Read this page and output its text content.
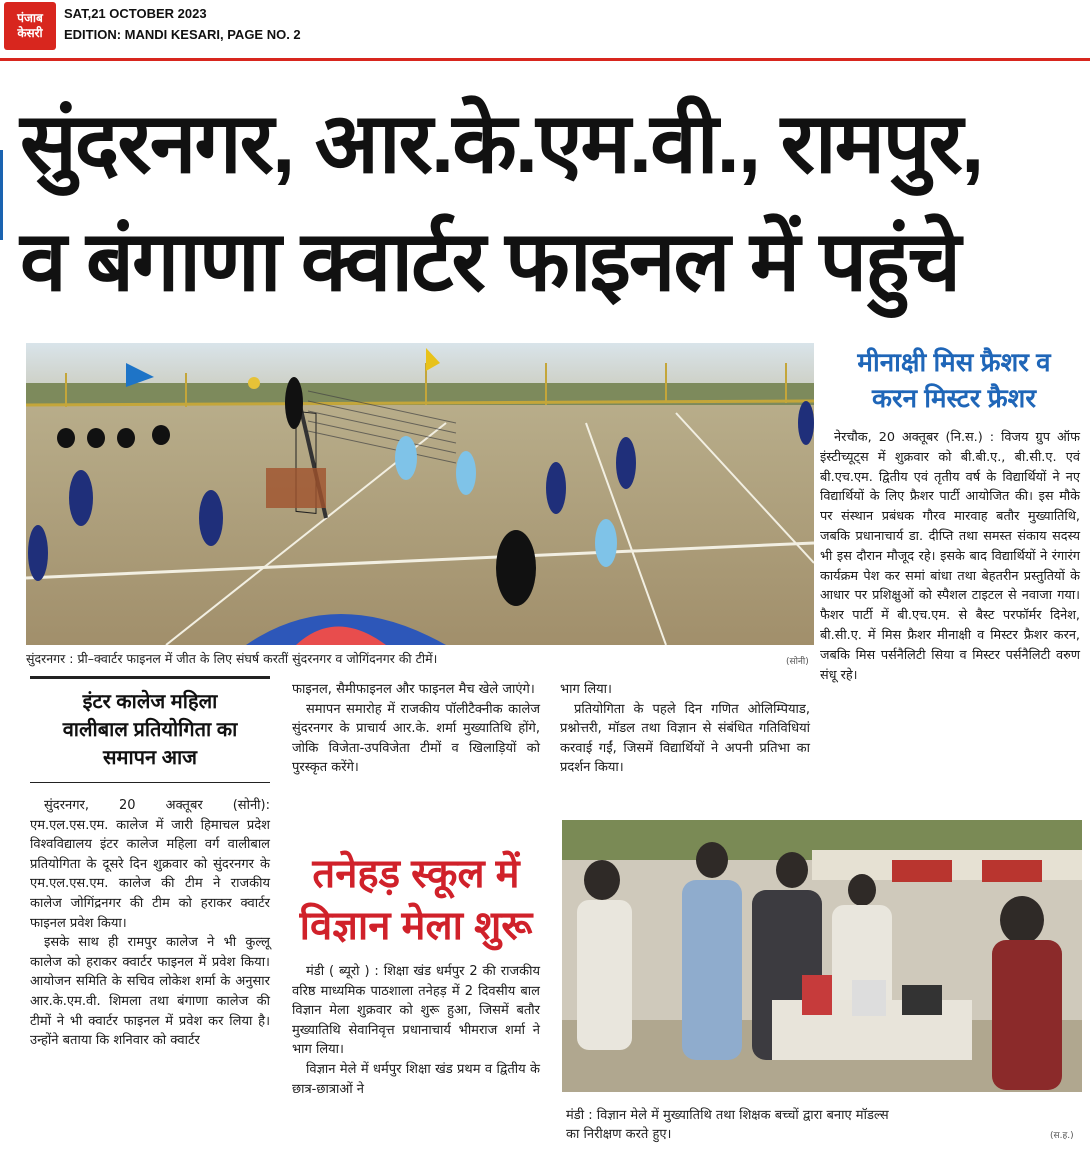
पंजाब
केसरी
SAT,21 OCTOBER 2023
EDITION: MANDI KESARI, PAGE NO. 2
सुंदरनगर, आर.के.एम.वी., रामपुर,
व बंगाणा क्वार्टर फाइनल में पहुंचे
सुंदरनगर : प्री–क्वार्टर फाइनल में जीत के लिए संघर्ष करतीं सुंदरनगर व जोगिंदनगर की टीमें।	(सोनी)
इंटर कालेज महिला
वालीबाल प्रतियोगिता का
समापन आज

सुंदरनगर, 20 अक्तूबर (सोनी): एम.एल.एस.एम. कालेज में जारी हिमाचल प्रदेश विश्वविद्यालय इंटर कालेज महिला वर्ग वालीबाल प्रतियोगिता के दूसरे दिन शुक्रवार को सुंदरनगर के एम.एल.एस.एम. कालेज की टीम ने राजकीय कालेज जोगिंद्रनगर की टीम को हराकर क्वार्टर फाइनल प्रवेश किया।

इसके साथ ही रामपुर कालेज ने भी कुल्लू कालेज को हराकर क्वार्टर फाइनल में प्रवेश किया।आयोजन समिति के सचिव लोकेश शर्मा के अनुसार आर.के.एम.वी. शिमला तथा बंगाणा कालेज की टीमों ने भी क्वार्टर फाइनल में प्रवेश कर लिया है। उन्होंने बताया कि शनिवार को क्वार्टर

फाइनल, सैमीफाइनल और फाइनल मैच खेले जाएंगे।

समापन समारोह में राजकीय पॉलीटैक्नीक कालेज सुंदरनगर के प्राचार्य आर.के. शर्मा मुख्यातिथि होंगे, जोकि विजेता-उपविजेता टीमों व खिलाड़ियों को पुरस्कृत करेंगे।

तनेहड़ स्कूल में
विज्ञान मेला शुरू

मंडी ( ब्यूरो ) : शिक्षा खंड धर्मपुर 2 की राजकीय वरिष्ठ माध्यमिक पाठशाला तनेहड़ में 2 दिवसीय बाल विज्ञान मेला शुक्रवार को शुरू हुआ, जिसमें बतौर मुख्यातिथि सेवानिवृत्त प्रधानाचार्य भीमराज शर्मा ने भाग लिया।

विज्ञान मेले में धर्मपुर शिक्षा खंड प्रथम व द्वितीय के छात्र-छात्राओं ने

भाग लिया।

प्रतियोगिता के पहले दिन गणित ओलिम्पियाड, प्रश्नोत्तरी, मॉडल तथा विज्ञान से संबंधित गतिविधियां करवाई गईं, जिसमें विद्यार्थियों ने अपनी प्रतिभा का प्रदर्शन किया।

मंडी : विज्ञान मेले में मुख्यातिथि तथा शिक्षक बच्चों द्वारा बनाए मॉडल्स
का निरीक्षण करते हुए।	(स.ह.)
मीनाक्षी मिस फ्रैशर व
करन मिस्टर फ्रैशर

नेरचौक, 20 अक्तूबर (नि.स.) : विजय ग्रुप ऑफ इंस्टीच्यूट्स में शुक्रवार को बी.बी.ए., बी.सी.ए. एवं बी.एच.एम. द्वितीय एवं तृतीय वर्ष के विद्यार्थियों ने नए विद्यार्थियों के लिए फ्रैशर पार्टी आयोजित की। इस मौके पर संस्थान प्रबंधक गौरव मारवाह बतौर मुख्यातिथि, जबकि प्रधानाचार्य डा. दीप्ति तथा समस्त संकाय सदस्य भी इस दौरान मौजूद रहे। इसके बाद विद्यार्थियों ने रंगारंग कार्यक्रम पेश कर समां बांधा तथा बेहतरीन प्रस्तुतियों के आधार पर प्रशिक्षुओं को स्पैशल टाइटल से नवाजा गया। फैशर पार्टी में बी.एच.एम. से बैस्ट परफॉर्मर दिनेश, बी.सी.ए. में मिस फ्रैशर मीनाक्षी व मिस्टर फ्रैशर करन, जबकि मिस पर्सनैलिटी सिया व मिस्टर पर्सनैलिटी वरुण संधू रहे।
